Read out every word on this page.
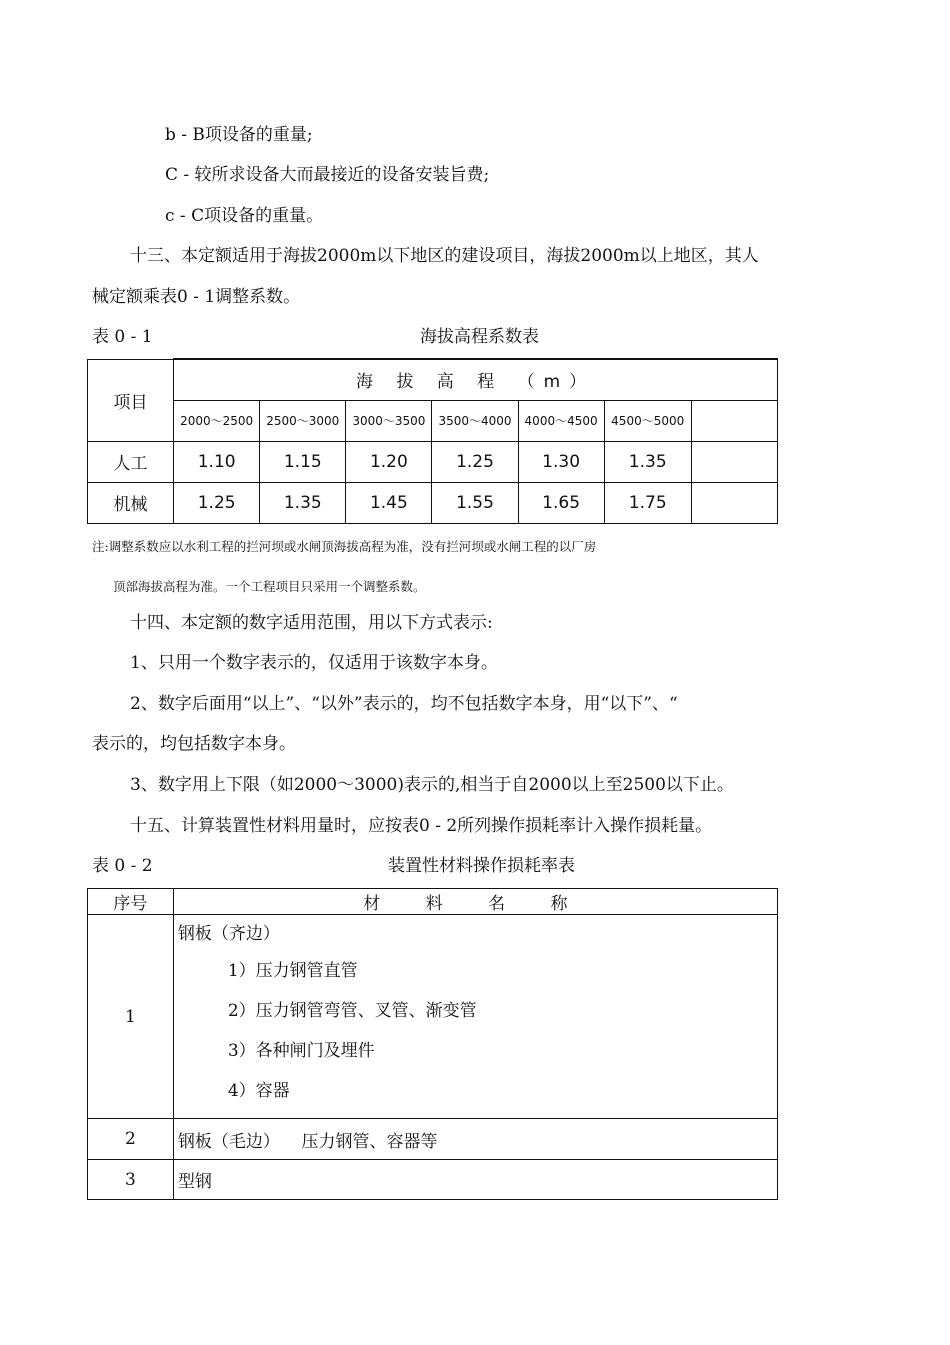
b - B项设备的重量;
C - 较所求设备大而最接近的设备安装旨费;
c - C项设备的重量。
十三、本定额适用于海拔2000m以下地区的建设项目，海拔2000m以上地区，其人
械定额乘表0 - 1调整系数。
表 0 - 1	海拔高程系数表
项目	海 拔 高 程 （m）						
	2000～2500	2500～3000	3000～3500	3500～4000	4000～4500	4500～5000	
人工	1.10	1.15	1.20	1.25	1.30	1.35	
机械	1.25	1.35	1.45	1.55	1.65	1.75	
注:调整系数应以水利工程的拦河坝或水闸顶海拔高程为准，没有拦河坝或水闸工程的以厂房
顶部海拔高程为准。一个工程项目只采用一个调整系数。
十四、本定额的数字适用范围，用以下方式表示:
1、只用一个数字表示的，仅适用于该数字本身。
2、数字后面用“以上”、“以外”表示的，均不包括数字本身，用“以下”、“
表示的，均包括数字本身。
3、数字用上下限（如2000～3000)表示的,相当于自2000以上至2500以下止。
十五、计算装置性材料用量时，应按表0 - 2所列操作损耗率计入操作损耗量。
表 0 - 2	装置性材料操作损耗率表
序号	材 料 名 称
1	钢板（齐边）
1）压力钢管直管
2）压力钢管弯管、叉管、渐变管
3）各种闸门及埋件
4）容器

2	钢板（毛边）    压力钢管、容器等
3	型钢
